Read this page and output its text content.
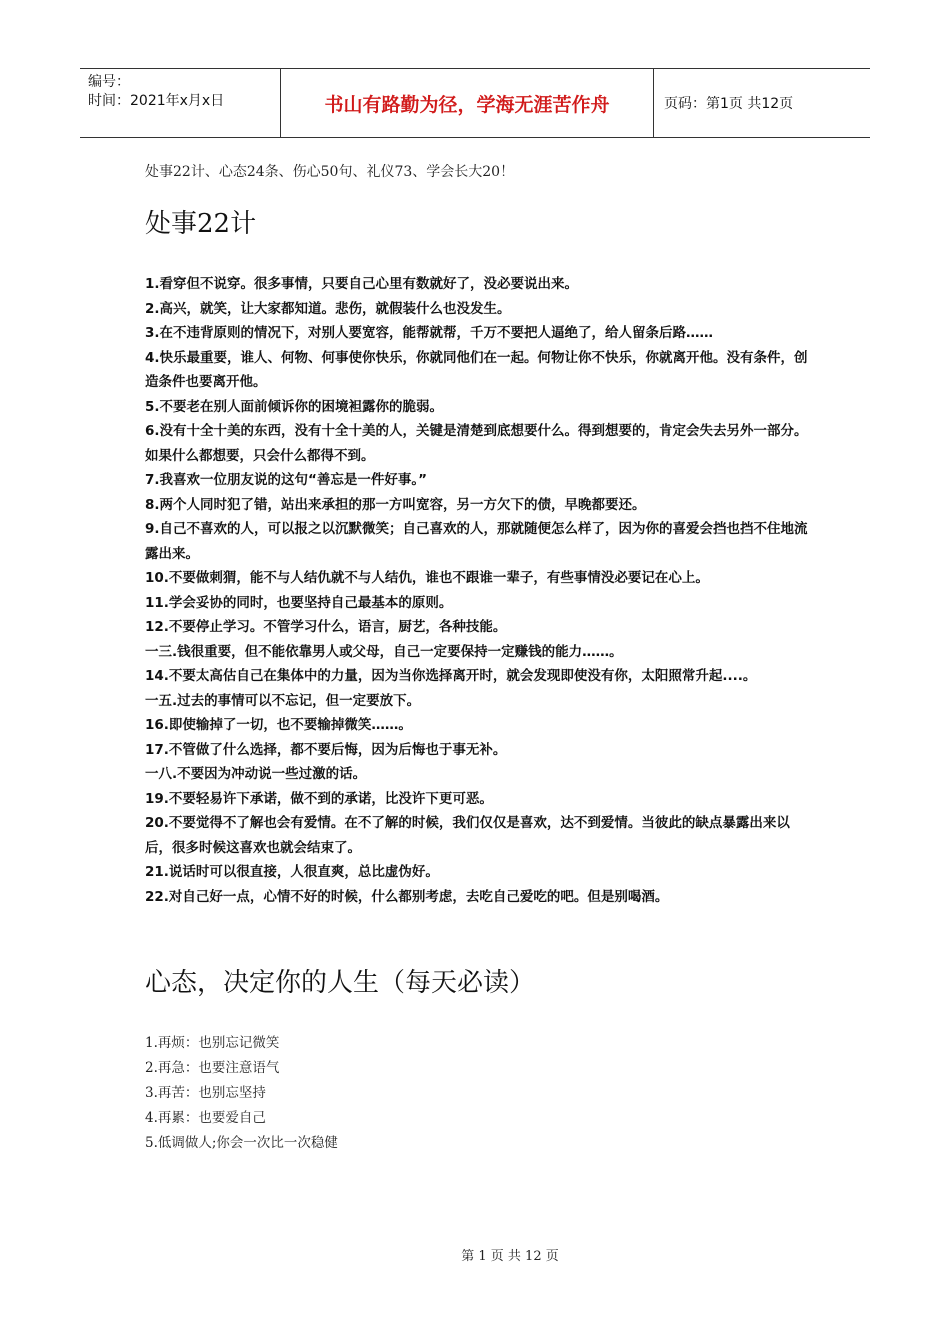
编号：
时间：2021年x月x日	书山有路勤为径，学海无涯苦作舟	页码：第1页 共12页

处事22计、心态24条、伤心50句、礼仪73、学会长大20！

处事22计
1.看穿但不说穿。很多事情，只要自己心里有数就好了，没必要说出来。
2.高兴，就笑，让大家都知道。悲伤，就假装什么也没发生。
3.在不违背原则的情况下，对别人要宽容，能帮就帮，千万不要把人逼绝了，给人留条后路……
4.快乐最重要，谁人、何物、何事使你快乐，你就同他们在一起。何物让你不快乐，你就离开他。没有条件，创造条件也要离开他。
5.不要老在别人面前倾诉你的困境袒露你的脆弱。
6.没有十全十美的东西，没有十全十美的人，关键是清楚到底想要什么。得到想要的，肯定会失去另外一部分。如果什么都想要，只会什么都得不到。
7.我喜欢一位朋友说的这句“善忘是一件好事。”
8.两个人同时犯了错，站出来承担的那一方叫宽容，另一方欠下的债，早晚都要还。
9.自己不喜欢的人，可以报之以沉默微笑；自己喜欢的人，那就随便怎么样了，因为你的喜爱会挡也挡不住地流露出来。
10.不要做刺猬，能不与人结仇就不与人结仇，谁也不跟谁一辈子，有些事情没必要记在心上。
11.学会妥协的同时，也要坚持自己最基本的原则。
12.不要停止学习。不管学习什么，语言，厨艺，各种技能。
一三.钱很重要，但不能依靠男人或父母，自己一定要保持一定赚钱的能力……。
14.不要太高估自己在集体中的力量，因为当你选择离开时，就会发现即使没有你，太阳照常升起....。
一五.过去的事情可以不忘记，但一定要放下。
16.即使输掉了一切，也不要输掉微笑……。
17.不管做了什么选择，都不要后悔，因为后悔也于事无补。
一八.不要因为冲动说一些过激的话。
19.不要轻易许下承诺，做不到的承诺，比没许下更可恶。
20.不要觉得不了解也会有爱情。在不了解的时候，我们仅仅是喜欢，达不到爱情。当彼此的缺点暴露出来以后，很多时候这喜欢也就会结束了。
21.说话时可以很直接，人很直爽，总比虚伪好。
22.对自己好一点，心情不好的时候，什么都别考虑，去吃自己爱吃的吧。但是别喝酒。
心态，决定你的人生（每天必读）
1.再烦：也别忘记微笑
2.再急：也要注意语气
3.再苦：也别忘坚持
4.再累：也要爱自己
5.低调做人;你会一次比一次稳健
第 1 页 共 12 页
